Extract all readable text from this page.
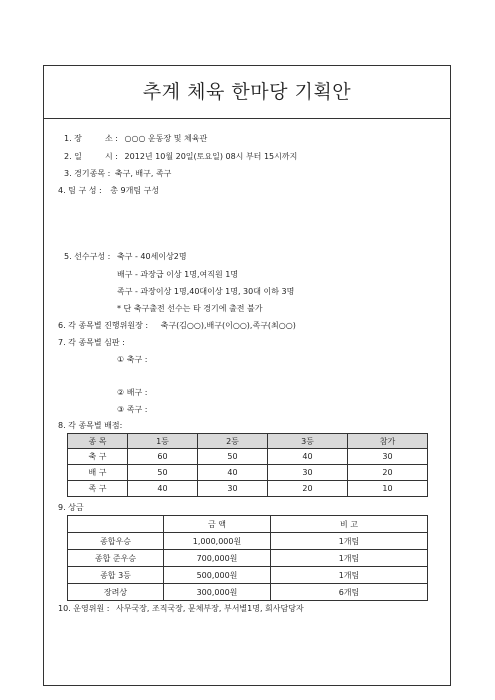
추계 체육 한마당 기획안
1. 장	소 : ○○○ 운동장 및 체육관
2. 일	시 : 2012년 10월 20일(토요일) 08시 부터 15시까지
3. 경기종목 : 축구, 배구, 족구
4. 팀 구 성 : 총 9개팀 구성
5. 선수구성 : 축구 - 40세이상2명
배구 - 과장급 이상 1명,여직원 1명
족구 - 과장이상 1명,40대이상 1명, 30대 이하 3명
* 단 축구출전 선수는 타 경기에 출전 불가
6. 각 종목별 진행위원장 : 축구(김○○),배구(이○○),족구(최○○)
7. 각 종목별 심판 :
① 축구 :
② 배구 :
③ 족구 :
8. 각 종목별 배점:
종 목	1등	2등	3등	참가
축 구	60	50	40	30
배 구	50	40	30	20
족 구	40	30	20	10
9. 상금
	금 액	비 고
종합우승	1,000,000원	1개팀
종합 준우승	700,000원	1개팀
종합 3등	500,000원	1개팀
장려상	300,000원	6개팀
10. 운영위원 : 사무국장, 조직국장, 문체부장, 부서별1명, 회사담당자
